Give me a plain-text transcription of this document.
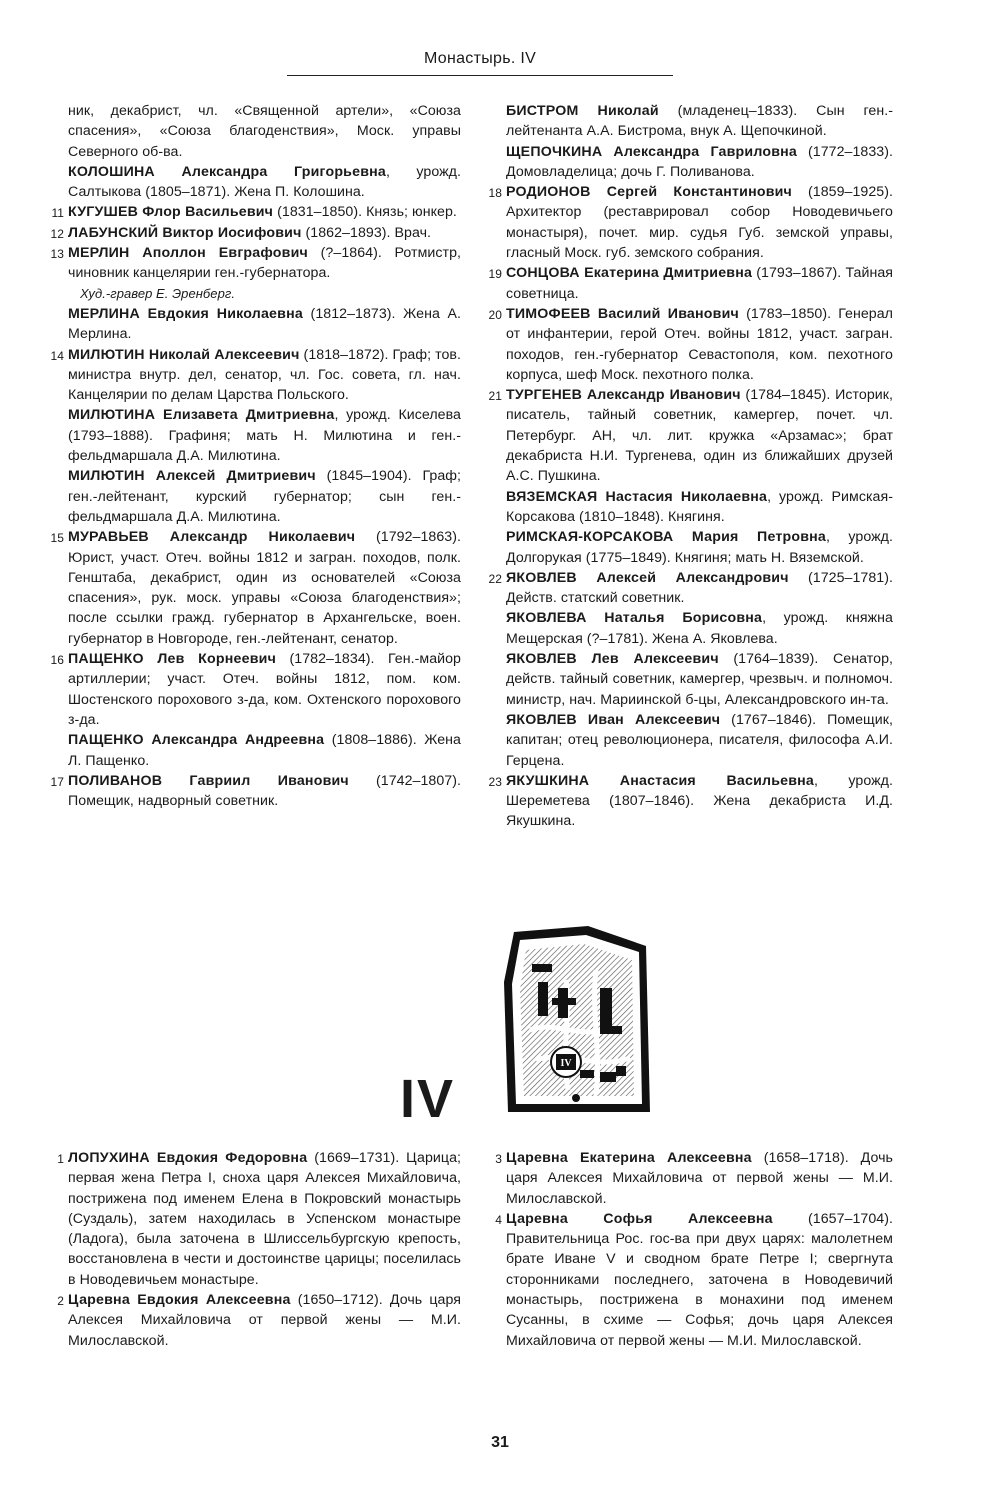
Монастырь. IV

ник, декабрист, чл. «Священной артели», «Союза спасения», «Союза благоденствия», Моск. управы Северного об-ва.

КОЛОШИНА Александра Григорьевна, урожд. Салтыкова (1805–1871). Жена П. Колошина.

11 КУГУШЕВ Флор Васильевич (1831–1850). Князь; юнкер.

12 ЛАБУНСКИЙ Виктор Иосифович (1862–1893). Врач.

13 МЕРЛИН Аполлон Евграфович (?–1864). Ротмистр, чиновник канцелярии ген.-губернатора.

Худ.-гравер Е. Эренберг.

МЕРЛИНА Евдокия Николаевна (1812–1873). Жена А. Мерлина.

14 МИЛЮТИН Николай Алексеевич (1818–1872). Граф; тов. министра внутр. дел, сенатор, чл. Гос. совета, гл. нач. Канцелярии по делам Царства Польского.

МИЛЮТИНА Елизавета Дмитриевна, урожд. Киселева (1793–1888). Графиня; мать Н. Милютина и ген.-фельдмаршала Д.А. Милютина.

МИЛЮТИН Алексей Дмитриевич (1845–1904). Граф; ген.-лейтенант, курский губернатор; сын ген.-фельдмаршала Д.А. Милютина.

15 МУРАВЬЕВ Александр Николаевич (1792–1863). Юрист, участ. Отеч. войны 1812 и загран. походов, полк. Генштаба, декабрист, один из основателей «Союза спасения», рук. моск. управы «Союза благоденствия»; после ссылки гражд. губернатор в Архангельске, воен. губернатор в Новгороде, ген.-лейтенант, сенатор.

16 ПАЩЕНКО Лев Корнеевич (1782–1834). Ген.-майор артиллерии; участ. Отеч. войны 1812, пом. ком. Шостенского порохового з-да, ком. Охтенского порохового з-да.

ПАЩЕНКО Александра Андреевна (1808–1886). Жена Л. Пащенко.

17 ПОЛИВАНОВ Гавриил Иванович (1742–1807). Помещик, надворный советник.

БИСТРОМ Николай (младенец–1833). Сын ген.-лейтенанта А.А. Бистрома, внук А. Щепочкиной.

ЩЕПОЧКИНА Александра Гавриловна (1772–1833). Домовладелица; дочь Г. Поливанова.

18 РОДИОНОВ Сергей Константинович (1859–1925). Архитектор (реставрировал собор Новодевичьего монастыря), почет. мир. судья Губ. земской управы, гласный Моск. губ. земского собрания.

19 СОНЦОВА Екатерина Дмитриевна (1793–1867). Тайная советница.

20 ТИМОФЕЕВ Василий Иванович (1783–1850). Генерал от инфантерии, герой Отеч. войны 1812, участ. загран. походов, ген.-губернатор Севастополя, ком. пехотного корпуса, шеф Моск. пехотного полка.

21 ТУРГЕНЕВ Александр Иванович (1784–1845). Историк, писатель, тайный советник, камергер, почет. чл. Петербург. АН, чл. лит. кружка «Арзамас»; брат декабриста Н.И. Тургенева, один из ближайших друзей А.С. Пушкина.

ВЯЗЕМСКАЯ Настасия Николаевна, урожд. Римская-Корсакова (1810–1848). Княгиня.

РИМСКАЯ-КОРСАКОВА Мария Петровна, урожд. Долгорукая (1775–1849). Княгиня; мать Н. Вяземской.

22 ЯКОВЛЕВ Алексей Александрович (1725–1781). Действ. статский советник.

ЯКОВЛЕВА Наталья Борисовна, урожд. княжна Мещерская (?–1781). Жена А. Яковлева.

ЯКОВЛЕВ Лев Алексеевич (1764–1839). Сенатор, действ. тайный советник, камергер, чрезвыч. и полномоч. министр, нач. Мариинской б-цы, Александровского ин-та.

ЯКОВЛЕВ Иван Алексеевич (1767–1846). Помещик, капитан; отец революционера, писателя, философа А.И. Герцена.

23 ЯКУШКИНА Анастасия Васильевна, урожд. Шереметева (1807–1846). Жена декабриста И.Д. Якушкина.

IV
IV

1 ЛОПУХИНА Евдокия Федоровна (1669–1731). Царица; первая жена Петра I, сноха царя Алексея Михайловича, пострижена под именем Елена в Покровский монастырь (Суздаль), затем находилась в Успенском монастыре (Ладога), была заточена в Шлиссельбургскую крепость, восстановлена в чести и достоинстве царицы; поселилась в Новодевичьем монастыре.

2 Царевна Евдокия Алексеевна (1650–1712). Дочь царя Алексея Михайловича от первой жены — М.И. Милославской.

3 Царевна Екатерина Алексеевна (1658–1718). Дочь царя Алексея Михайловича от первой жены — М.И. Милославской.

4 Царевна Софья Алексеевна (1657–1704). Правительница Рос. гос-ва при двух царях: малолетнем брате Иване V и сводном брате Петре I; свергнута сторонниками последнего, заточена в Новодевичий монастырь, пострижена в монахини под именем Сусанны, в схиме — Софья; дочь царя Алексея Михайловича от первой жены — М.И. Милославской.

31
